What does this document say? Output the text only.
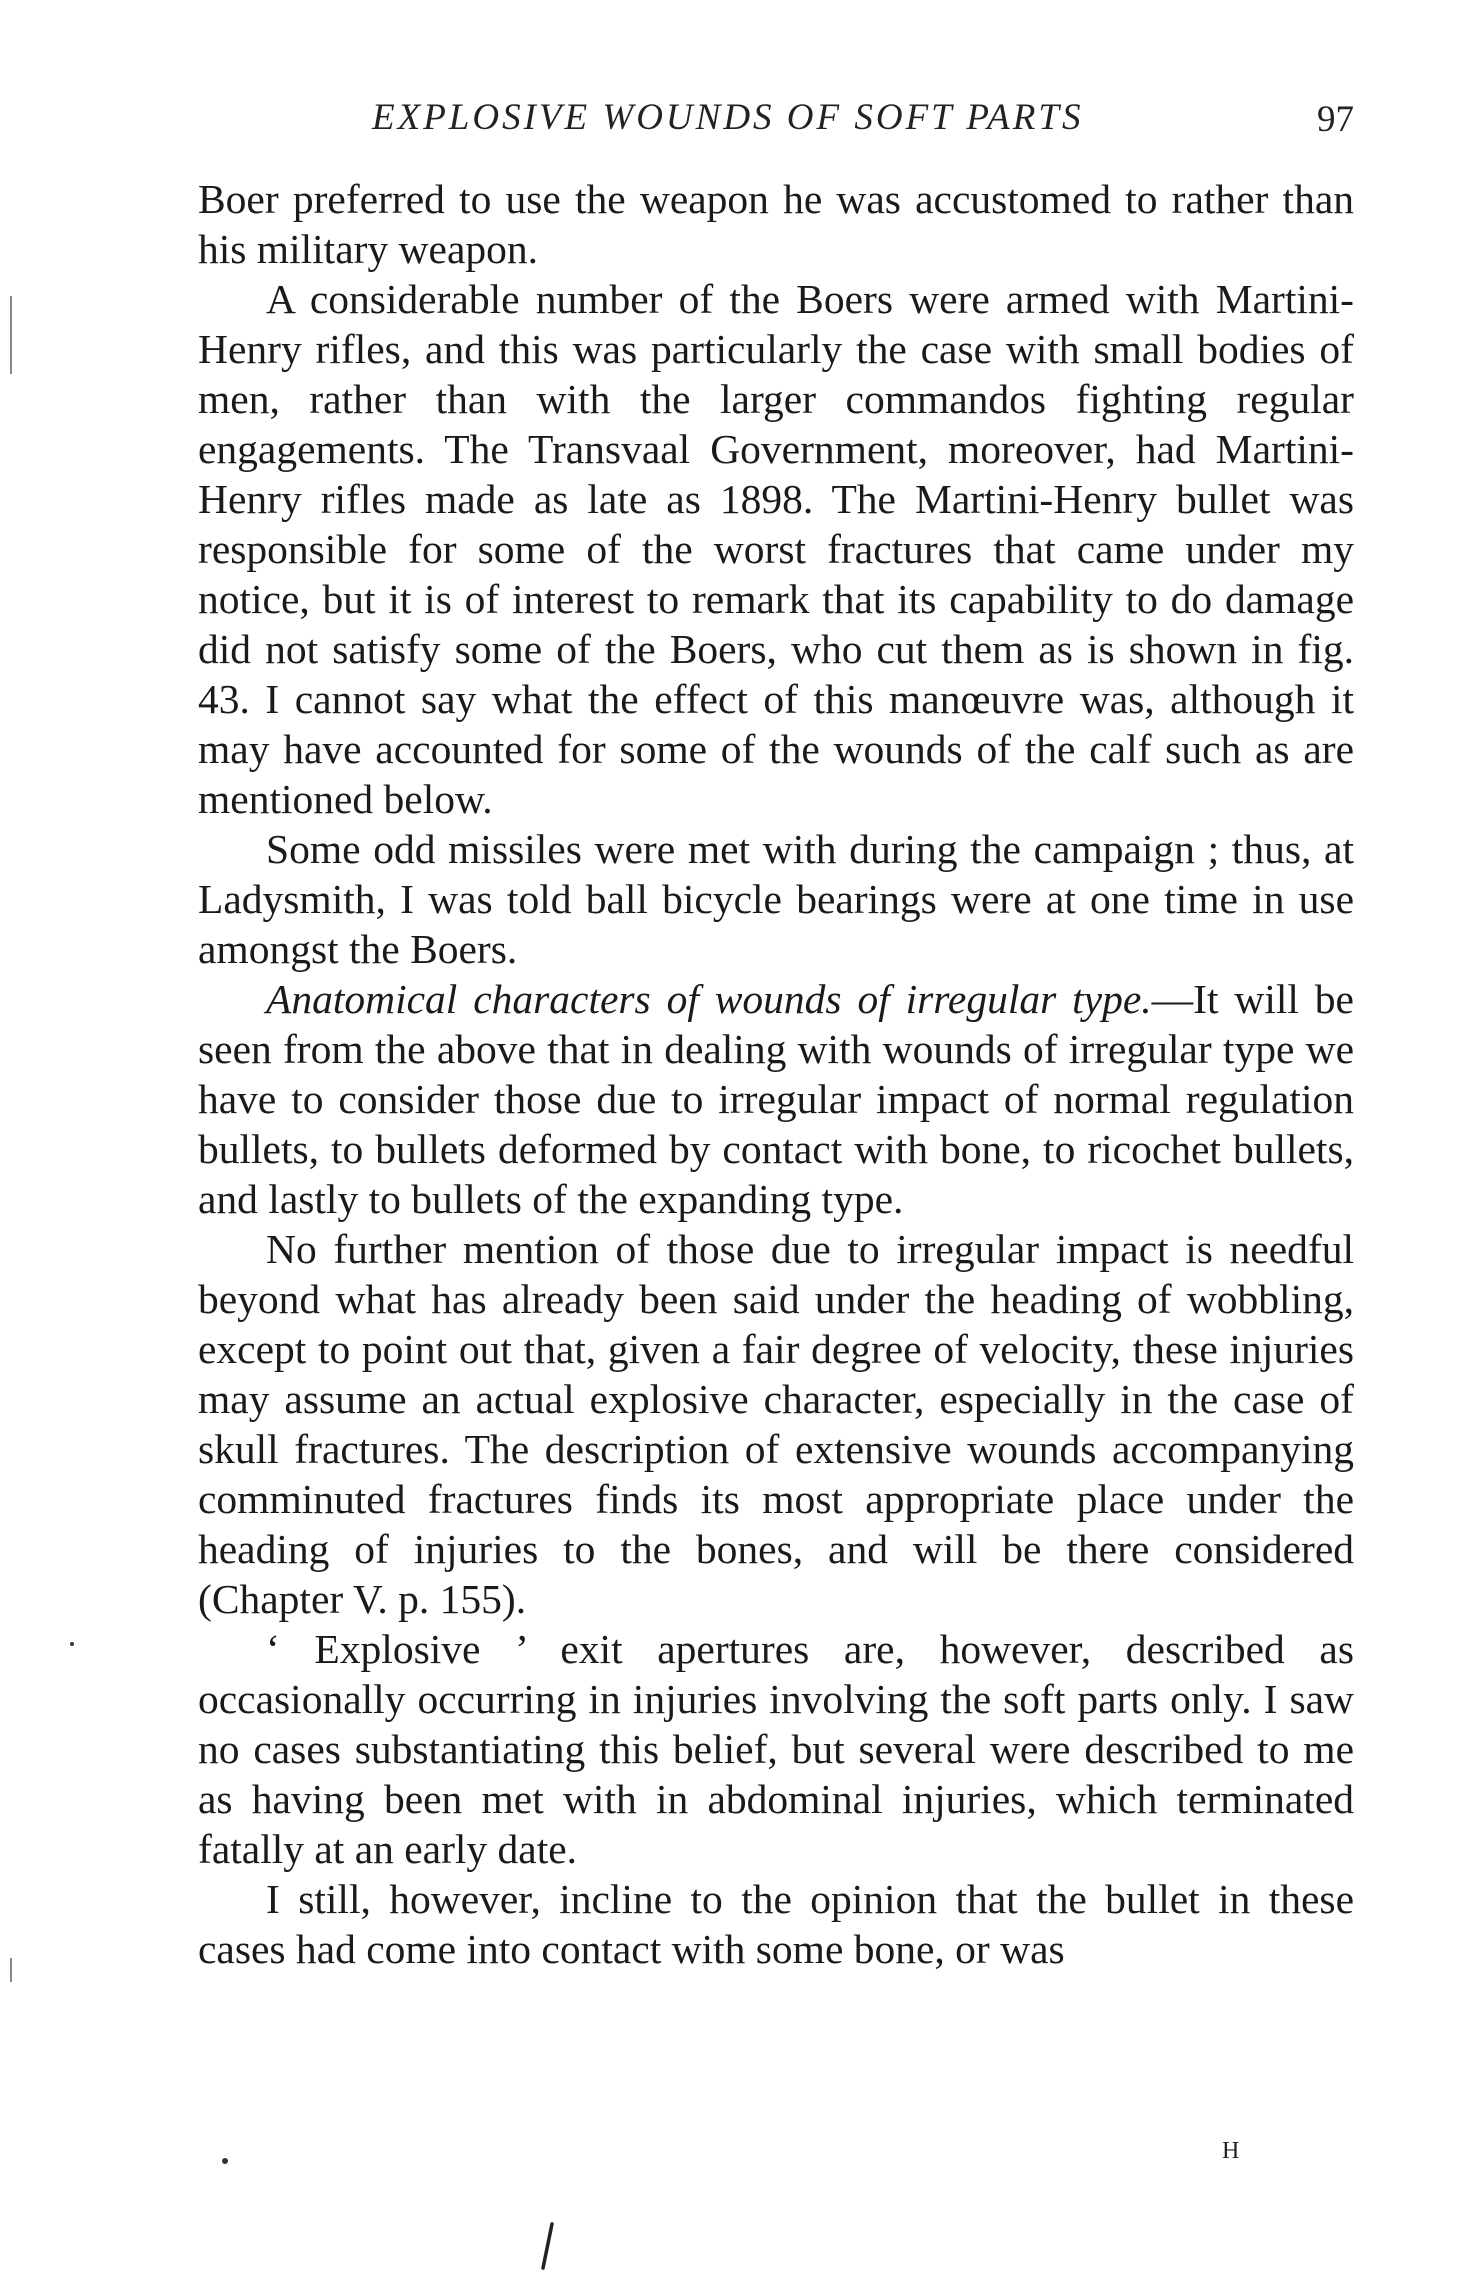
EXPLOSIVE WOUNDS OF SOFT PARTS	97

Boer preferred to use the weapon he was accustomed to rather than his military weapon.

A considerable number of the Boers were armed with Martini-Henry rifles, and this was particularly the case with small bodies of men, rather than with the larger commandos fighting regular engagements. The Transvaal Government, moreover, had Martini-Henry rifles made as late as 1898. The Martini-Henry bullet was responsible for some of the worst fractures that came under my notice, but it is of interest to remark that its capability to do damage did not satisfy some of the Boers, who cut them as is shown in fig. 43. I cannot say what the effect of this manœuvre was, although it may have accounted for some of the wounds of the calf such as are mentioned below.

Some odd missiles were met with during the campaign ; thus, at Ladysmith, I was told ball bicycle bearings were at one time in use amongst the Boers.

Anatomical characters of wounds of irregular type.—It will be seen from the above that in dealing with wounds of irregular type we have to consider those due to irregular impact of normal regulation bullets, to bullets deformed by contact with bone, to ricochet bullets, and lastly to bullets of the expanding type.

No further mention of those due to irregular impact is needful beyond what has already been said under the heading of wobbling, except to point out that, given a fair degree of velocity, these injuries may assume an actual explosive character, especially in the case of skull fractures. The description of extensive wounds accompanying comminuted fractures finds its most appropriate place under the heading of injuries to the bones, and will be there considered (Chapter V. p. 155).

‘ Explosive ’ exit apertures are, however, described as occasionally occurring in injuries involving the soft parts only. I saw no cases substantiating this belief, but several were described to me as having been met with in abdominal injuries, which terminated fatally at an early date.

I still, however, incline to the opinion that the bullet in these cases had come into contact with some bone, or was

H
